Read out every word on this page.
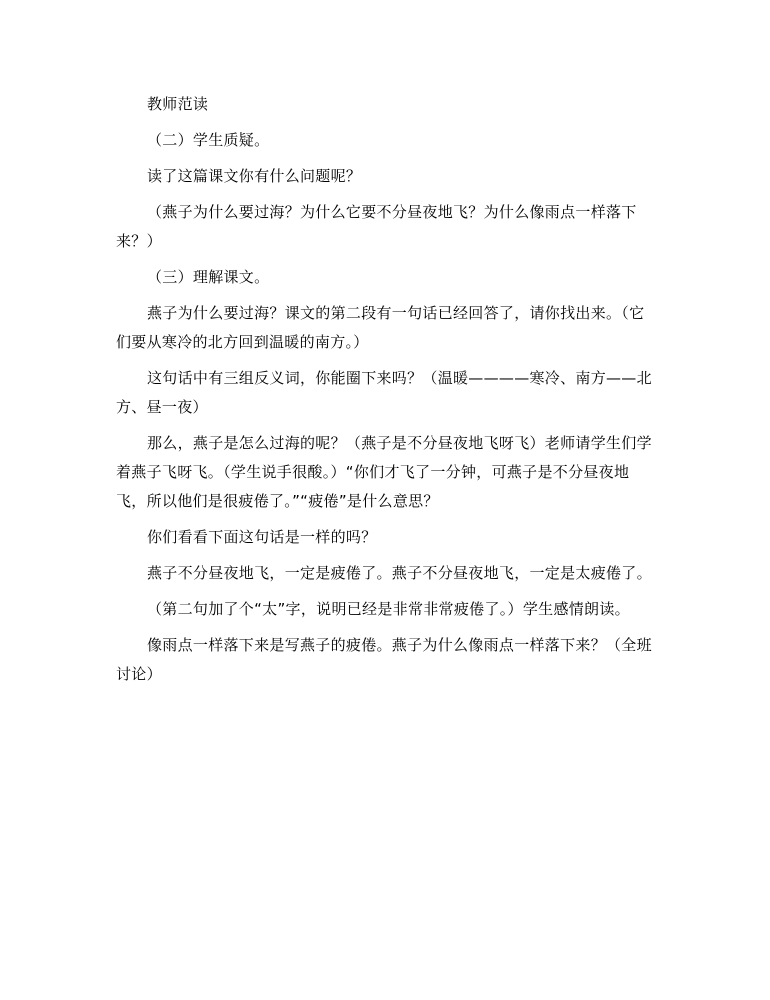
教师范读

（二）学生质疑。

读了这篇课文你有什么问题呢？

（燕子为什么要过海？为什么它要不分昼夜地飞？为什么像雨点一样落下来？）

（三）理解课文。

燕子为什么要过海？课文的第二段有一句话已经回答了，请你找出来。（它们要从寒冷的北方回到温暖的南方。）

这句话中有三组反义词，你能圈下来吗？（温暖————寒冷、南方——北方、昼一夜）

那么，燕子是怎么过海的呢？（燕子是不分昼夜地飞呀飞）老师请学生们学着燕子飞呀飞。（学生说手很酸。）“你们才飞了一分钟，可燕子是不分昼夜地飞，所以他们是很疲倦了。”“疲倦”是什么意思？

你们看看下面这句话是一样的吗？

燕子不分昼夜地飞，一定是疲倦了。燕子不分昼夜地飞，一定是太疲倦了。

（第二句加了个“太”字，说明已经是非常非常疲倦了。）学生感情朗读。

像雨点一样落下来是写燕子的疲倦。燕子为什么像雨点一样落下来？（全班讨论）
